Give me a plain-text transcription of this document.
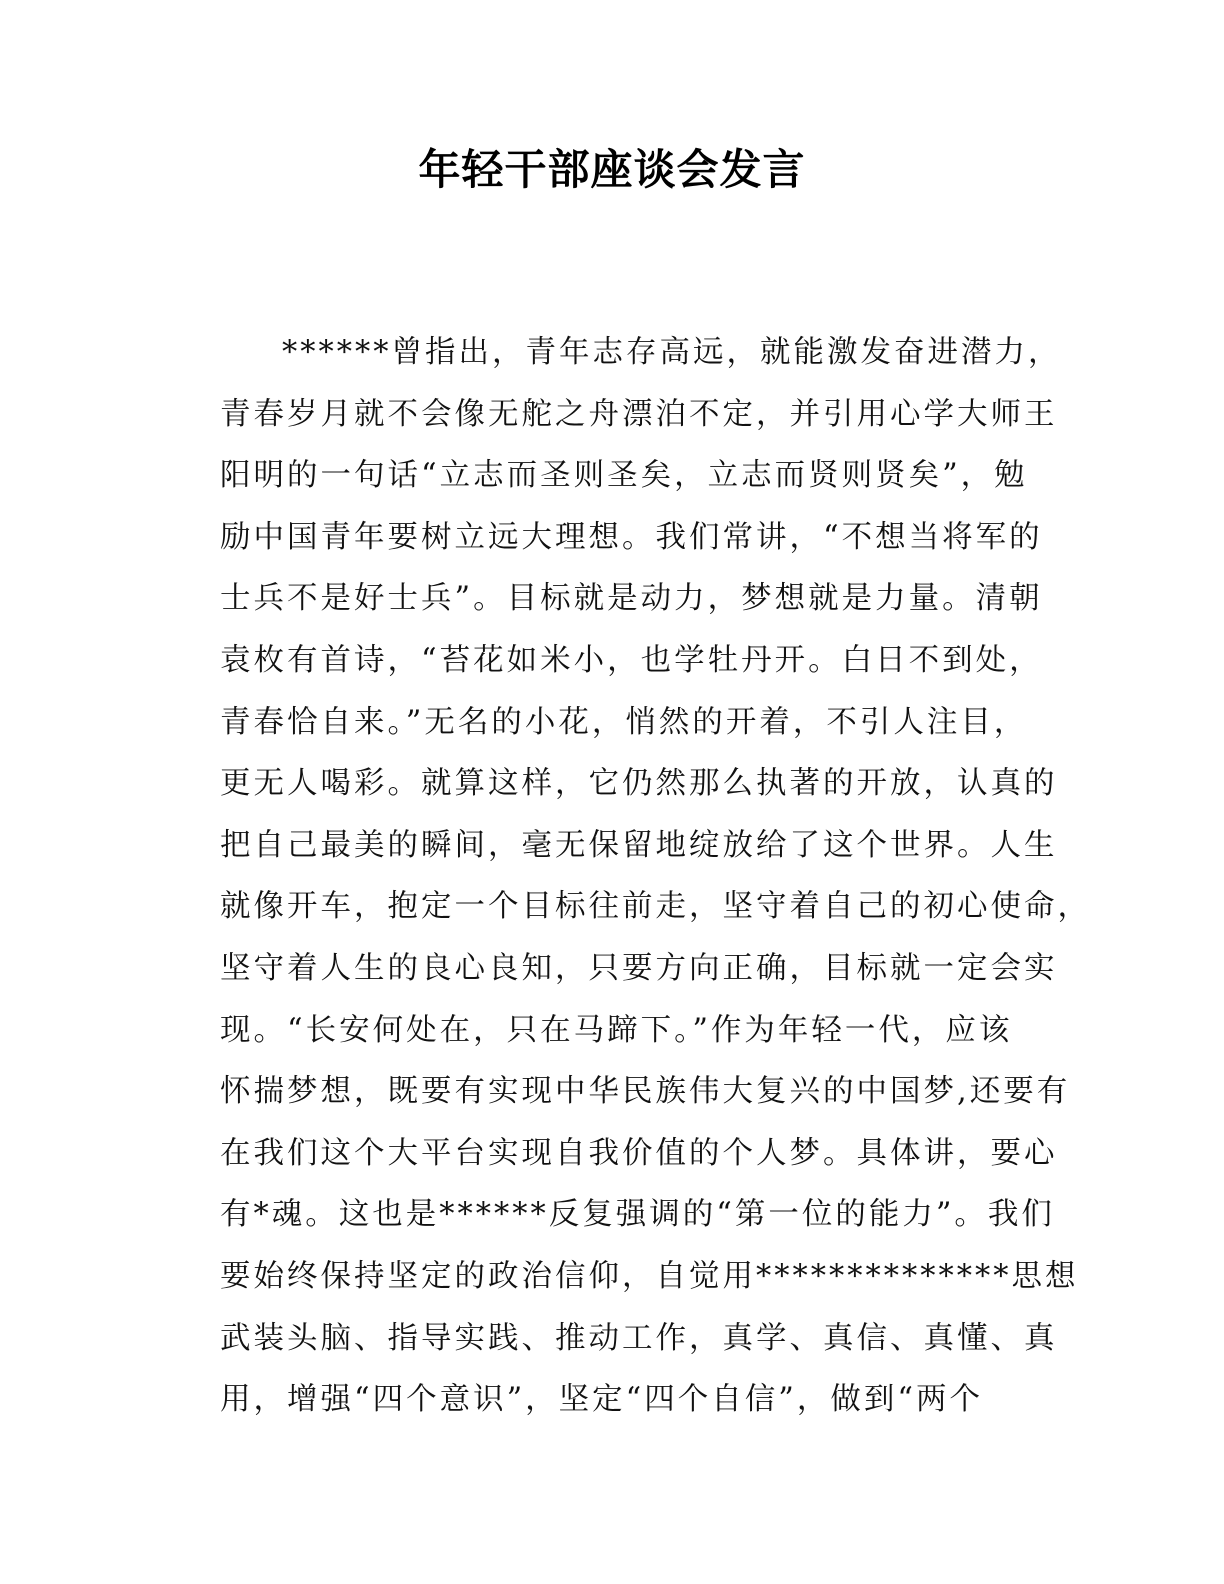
年轻干部座谈会发言
******曾指出，青年志存高远，就能激发奋进潜力，
青春岁月就不会像无舵之舟漂泊不定，并引用心学大师王
阳明的一句话“立志而圣则圣矣，立志而贤则贤矣”，勉
励中国青年要树立远大理想。我们常讲，“不想当将军的
士兵不是好士兵”。目标就是动力，梦想就是力量。清朝
袁枚有首诗，“苔花如米小，也学牡丹开。白日不到处，
青春恰自来。”无名的小花，悄然的开着，不引人注目，
更无人喝彩。就算这样，它仍然那么执著的开放，认真的
把自己最美的瞬间，毫无保留地绽放给了这个世界。人生
就像开车，抱定一个目标往前走，坚守着自己的初心使命，
坚守着人生的良心良知，只要方向正确，目标就一定会实
现。“长安何处在，只在马蹄下。”作为年轻一代，应该
怀揣梦想，既要有实现中华民族伟大复兴的中国梦,还要有
在我们这个大平台实现自我价值的个人梦。具体讲，要心
有*魂。这也是******反复强调的“第一位的能力”。我们
要始终保持坚定的政治信仰，自觉用**************思想
武装头脑、指导实践、推动工作，真学、真信、真懂、真
用，增强“四个意识”，坚定“四个自信”，做到“两个
